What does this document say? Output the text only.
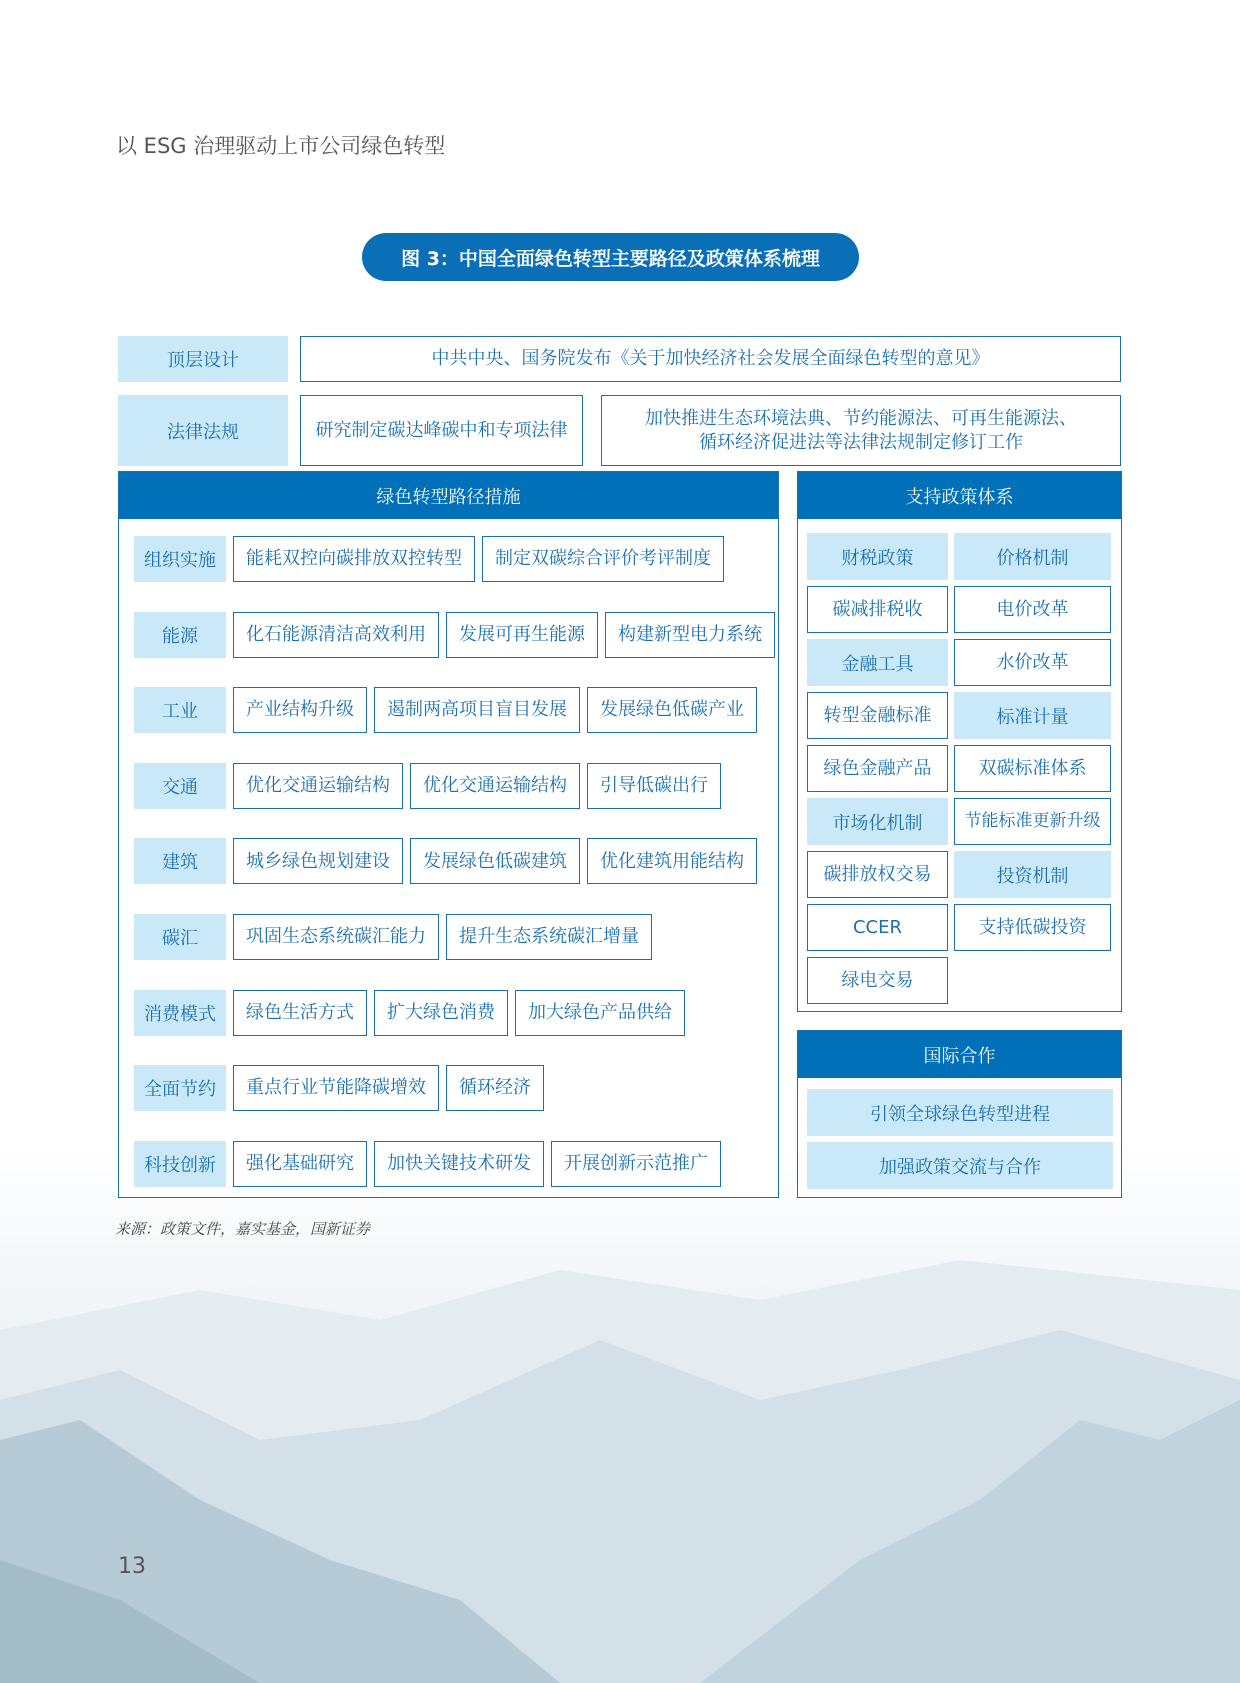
以 ESG 治理驱动上市公司绿色转型
图 3：中国全面绿色转型主要路径及政策体系梳理
顶层设计	中共中央、国务院发布《关于加快经济社会发展全面绿色转型的意见》
法律法规	研究制定碳达峰碳中和专项法律
加快推进生态环境法典、节约能源法、可再生能源法、循环经济促进法等法律法规制定修订工作
绿色转型路径措施
组织实施	能耗双控向碳排放双控转型	制定双碳综合评价考评制度
能源	化石能源清洁高效利用	发展可再生能源	构建新型电力系统
工业	产业结构升级	遏制两高项目盲目发展	发展绿色低碳产业
交通	优化交通运输结构	优化交通运输结构	引导低碳出行
建筑	城乡绿色规划建设	发展绿色低碳建筑	优化建筑用能结构
碳汇	巩固生态系统碳汇能力	提升生态系统碳汇增量
消费模式	绿色生活方式	扩大绿色消费	加大绿色产品供给
全面节约	重点行业节能降碳增效	循环经济
科技创新	强化基础研究	加快关键技术研发	开展创新示范推广
支持政策体系
财税政策	价格机制
碳减排税收	电价改革
金融工具	水价改革
转型金融标准	标准计量
绿色金融产品	双碳标准体系
市场化机制	节能标准更新升级
碳排放权交易	投资机制
CCER	支持低碳投资
绿电交易
国际合作
引领全球绿色转型进程
加强政策交流与合作
来源：政策文件，嘉实基金，国新证券
13
